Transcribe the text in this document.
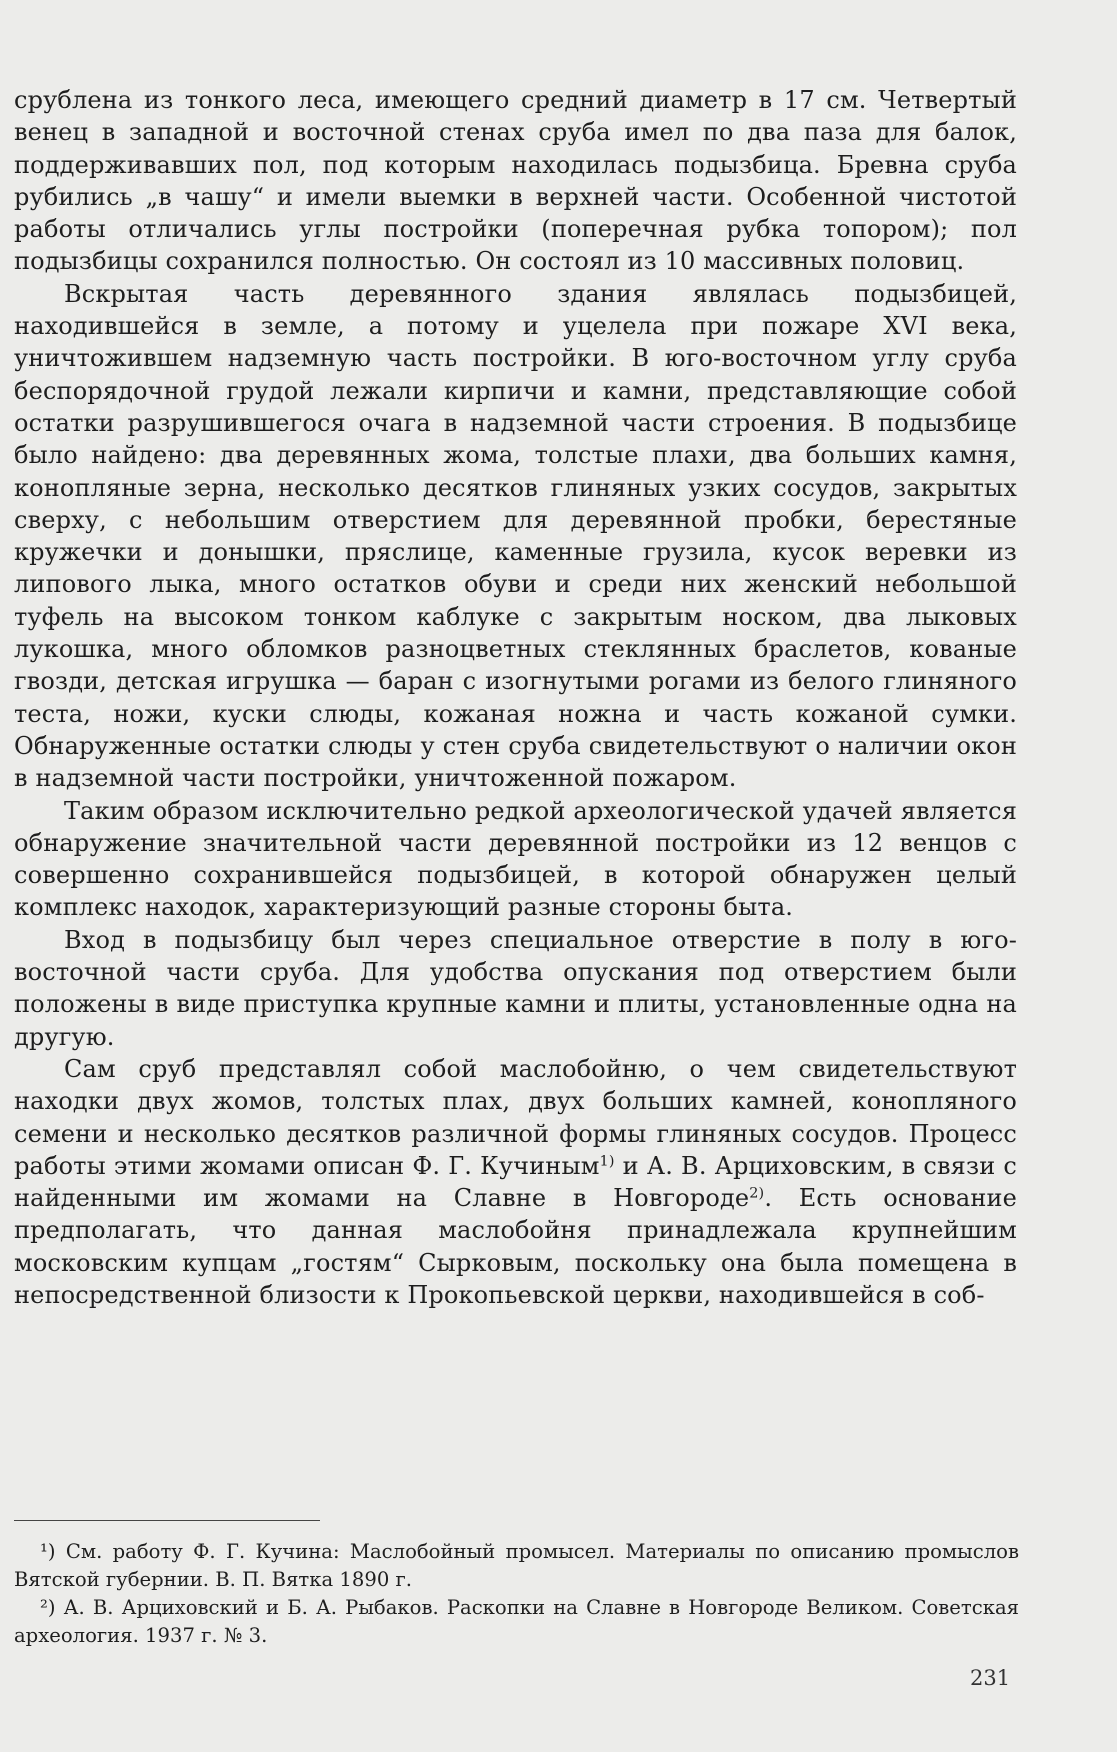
срублена из тонкого леса, имеющего средний диаметр в 17 см. Четвертый венец в западной и восточной стенах сруба имел по два паза для балок, поддерживавших пол, под которым находилась подызбица. Бревна сруба рубились „в чашу“ и имели выемки в верхней части. Особенной чистотой работы отличались углы постройки (поперечная рубка топором); пол подызбицы сохранился полностью. Он состоял из 10 массивных половиц.

Вскрытая часть деревянного здания являлась подызбицей, находившейся в земле, а потому и уцелела при пожаре XVI века, уничтожившем надземную часть постройки. В юго-восточном углу сруба беспорядочной грудой лежали кирпичи и камни, представляющие собой остатки разрушившегося очага в надземной части строения. В подызбице было найдено: два деревянных жома, толстые плахи, два больших камня, конопляные зерна, несколько десятков глиняных узких сосудов, закрытых сверху, с небольшим отверстием для деревянной пробки, берестяные кружечки и донышки, пряслице, каменные грузила, кусок веревки из липового лыка, много остатков обуви и среди них женский небольшой туфель на высоком тонком каблуке с закрытым носком, два лыковых лукошка, много обломков разноцветных стеклянных браслетов, кованые гвозди, детская игрушка — баран с изогнутыми рогами из белого глиняного теста, ножи, куски слюды, кожаная ножна и часть кожаной сумки. Обнаруженные остатки слюды у стен сруба свидетельствуют о наличии окон в надземной части постройки, уничтоженной пожаром.

Таким образом исключительно редкой археологической удачей является обнаружение значительной части деревянной постройки из 12 венцов с совершенно сохранившейся подызбицей, в которой обнаружен целый комплекс находок, характеризующий разные стороны быта.

Вход в подызбицу был через специальное отверстие в полу в юго-восточной части сруба. Для удобства опускания под отверстием были положены в виде приступка крупные камни и плиты, установленные одна на другую.

Сам сруб представлял собой маслобойню, о чем свидетельствуют находки двух жомов, толстых плах, двух больших камней, конопляного семени и несколько десятков различной формы глиняных сосудов. Процесс работы этими жомами описан Ф. Г. Кучиным$^{1)}$ и А. В. Арциховским, в связи с найденными им жомами на Славне в Новгороде$^{2)}$. Есть основание предполагать, что данная маслобойня принадлежала крупнейшим московским купцам „гостям“ Сырковым, поскольку она была помещена в непосредственной близости к Прокопьевской церкви, находившейся в соб-

¹) См. работу Ф. Г. Кучина: Маслобойный промысел. Материалы по описанию промыслов Вятской губернии. В. П. Вятка 1890 г.

²) А. В. Арциховский и Б. А. Рыбаков. Раскопки на Славне в Новгороде Великом. Советская археология. 1937 г. № 3.

231
